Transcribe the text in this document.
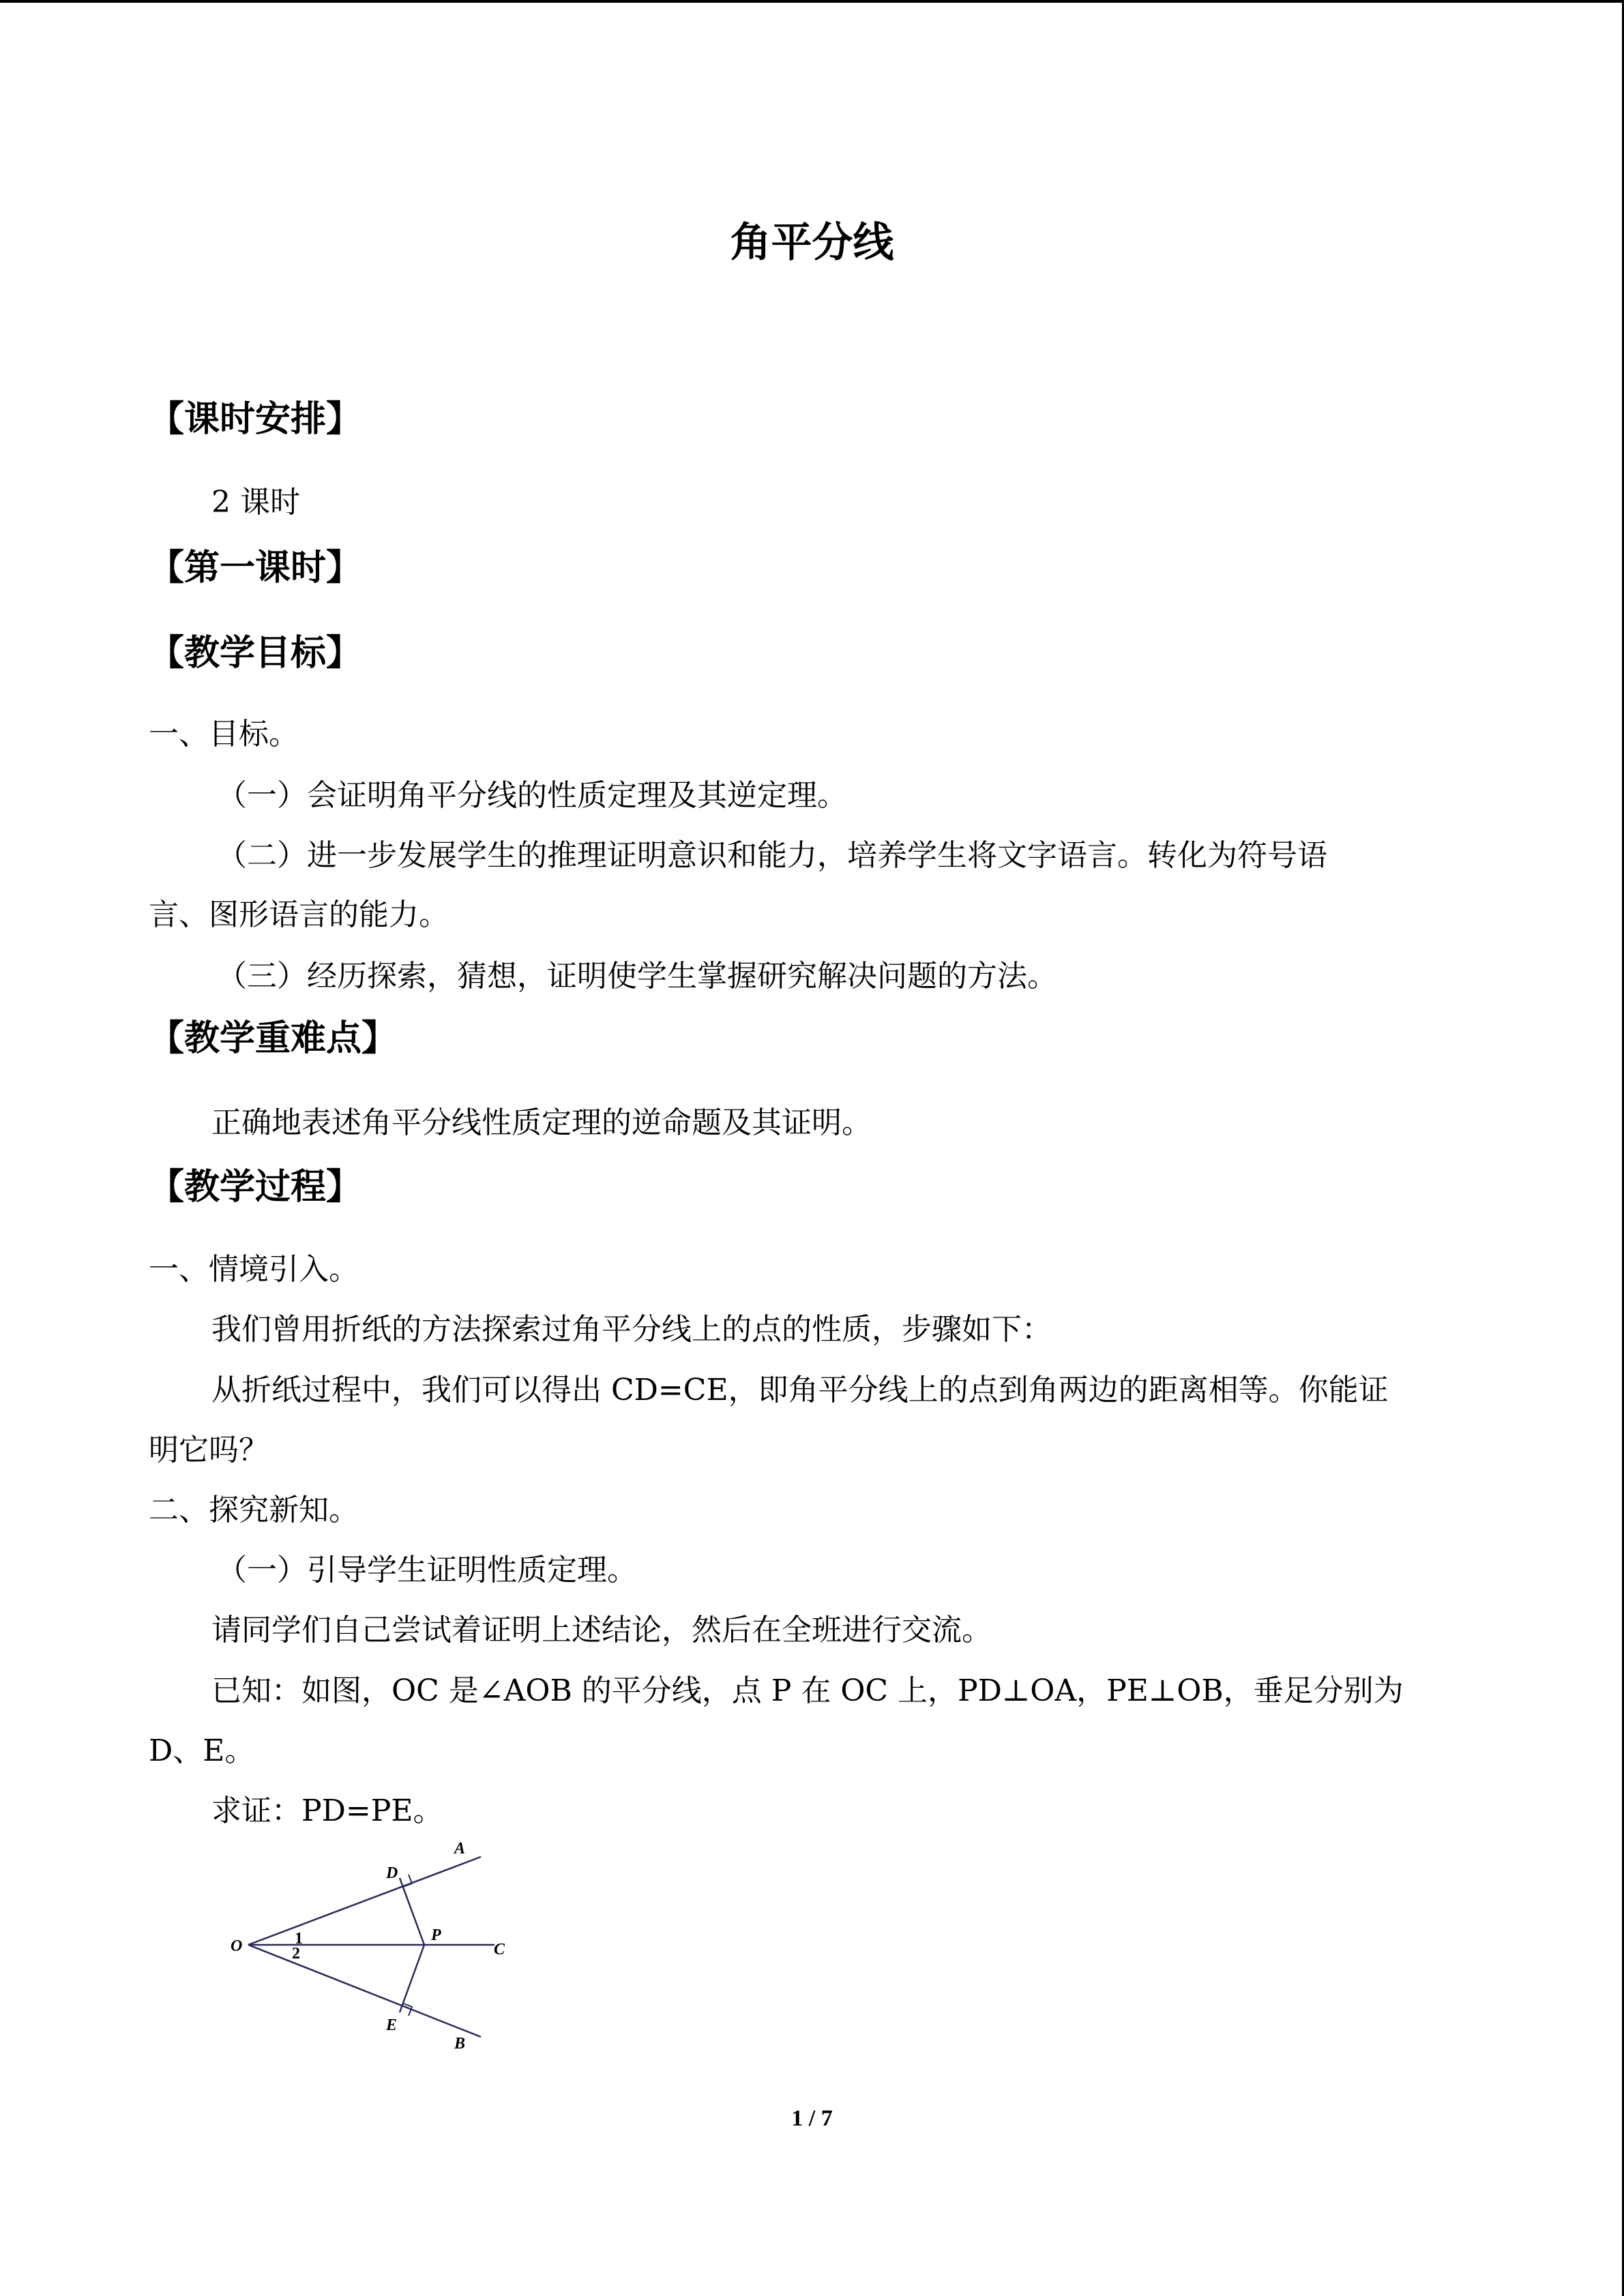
角平分线
【课时安排】
2 课时
【第一课时】
【教学目标】
一、目标。
（一）会证明角平分线的性质定理及其逆定理。
（二）进一步发展学生的推理证明意识和能力，培养学生将文字语言。转化为符号语
言、图形语言的能力。
（三）经历探索，猜想，证明使学生掌握研究解决问题的方法。
【教学重难点】
正确地表述角平分线性质定理的逆命题及其证明。
【教学过程】
一、情境引入。
我们曾用折纸的方法探索过角平分线上的点的性质，步骤如下：
从折纸过程中，我们可以得出 CD=CE，即角平分线上的点到角两边的距离相等。你能证
明它吗？
二、探究新知。
（一）引导学生证明性质定理。
请同学们自己尝试着证明上述结论，然后在全班进行交流。
已知：如图，OC 是∠AOB 的平分线，点 P 在 OC 上，PD⊥OA，PE⊥OB，垂足分别为
D、E。
求证：PD=PE。
A
D
O	1
2
P
C
E
B
1 / 7
